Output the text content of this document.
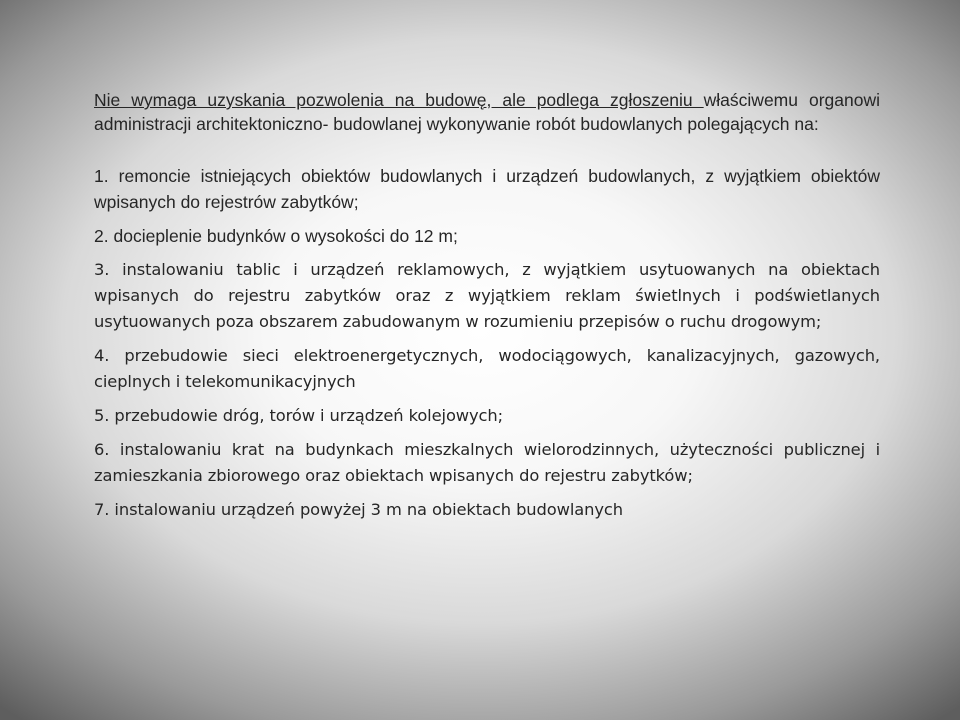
Nie wymaga uzyskania pozwolenia na budowę, ale podlega zgłoszeniu właściwemu organowi administracji architektoniczno- budowlanej wykonywanie robót budowlanych polegających na:

1. remoncie istniejących obiektów budowlanych i urządzeń budowlanych, z wyjątkiem obiektów wpisanych do rejestrów zabytków;
2. docieplenie budynków o wysokości do 12 m;
3. instalowaniu tablic i urządzeń reklamowych, z wyjątkiem usytuowanych na obiektach wpisanych do rejestru zabytków oraz z wyjątkiem reklam świetlnych i podświetlanych usytuowanych poza obszarem zabudowanym w rozumieniu przepisów o ruchu drogowym;
4. przebudowie sieci elektroenergetycznych, wodociągowych, kanalizacyjnych, gazowych, cieplnych i telekomunikacyjnych
5. przebudowie dróg, torów i urządzeń kolejowych;
6. instalowaniu krat na budynkach mieszkalnych wielorodzinnych, użyteczności publicznej i zamieszkania zbiorowego oraz obiektach wpisanych do rejestru zabytków;
7. instalowaniu urządzeń powyżej 3 m na obiektach budowlanych
